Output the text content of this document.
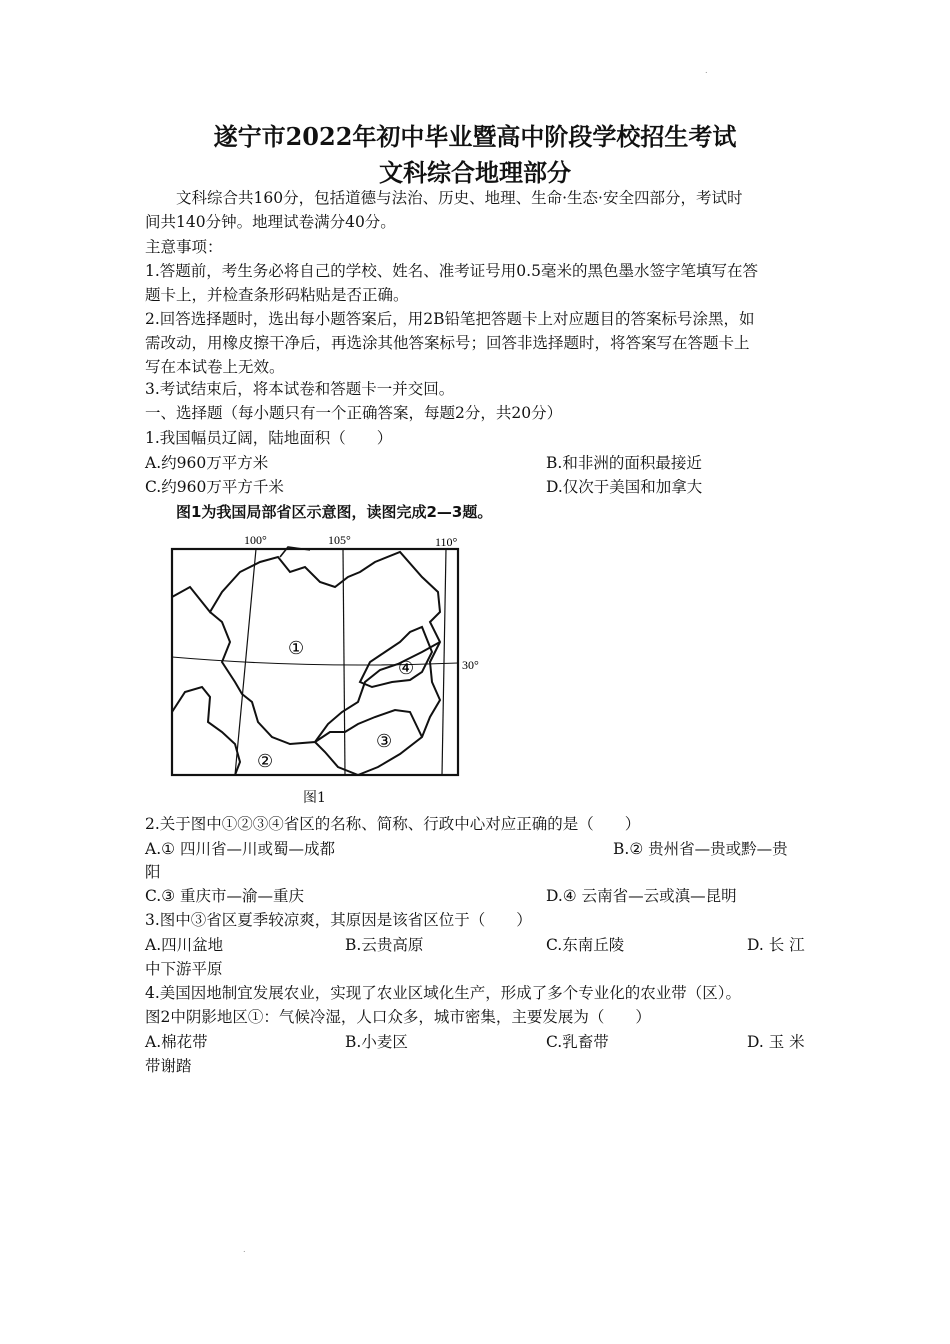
.
遂宁市2022年初中毕业暨高中阶段学校招生考试
文科综合地理部分
文科综合共160分，包括道德与法治、历史、地理、生命·生态·安全四部分，考试时
间共140分钟。地理试卷满分40分。
主意事项：
1.答题前，考生务必将自己的学校、姓名、准考证号用0.5毫米的黑色墨水签字笔填写在答
题卡上，并检查条形码粘贴是否正确。
2.回答选择题时，选出每小题答案后，用2B铅笔把答题卡上对应题目的答案标号涂黑，如
需改动，用橡皮擦干净后，再选涂其他答案标号；回答非选择题时，将答案写在答题卡上
写在本试卷上无效。
3.考试结束后，将本试卷和答题卡一并交回。
一、选择题（每小题只有一个正确答案，每题2分，共20分）
1.我国幅员辽阔，陆地面积（　　）
A.约960万平方米	B.和非洲的面积最接近
C.约960万平方千米	D.仅次于美国和加拿大
图1为我国局部省区示意图，读图完成2—3题。
100°	105°	110°
30°
①
②
③
④
图1
2.关于图中①②③④省区的名称、简称、行政中心对应正确的是（　　）
A.① 四川省—川或蜀—成都	B.② 贵州省—贵或黔—贵
阳
C.③ 重庆市—渝—重庆	D.④ 云南省—云或滇—昆明
3.图中③省区夏季较凉爽，其原因是该省区位于（　　）
A.四川盆地	B.云贵高原	C.东南丘陵	D. 长 江
中下游平原
4.美国因地制宜发展农业，实现了农业区域化生产，形成了多个专业化的农业带（区）。
图2中阴影地区①：气候冷湿，人口众多，城市密集，主要发展为（　　）
A.棉花带	B.小麦区	C.乳畜带	D. 玉 米
带谢踏
.
